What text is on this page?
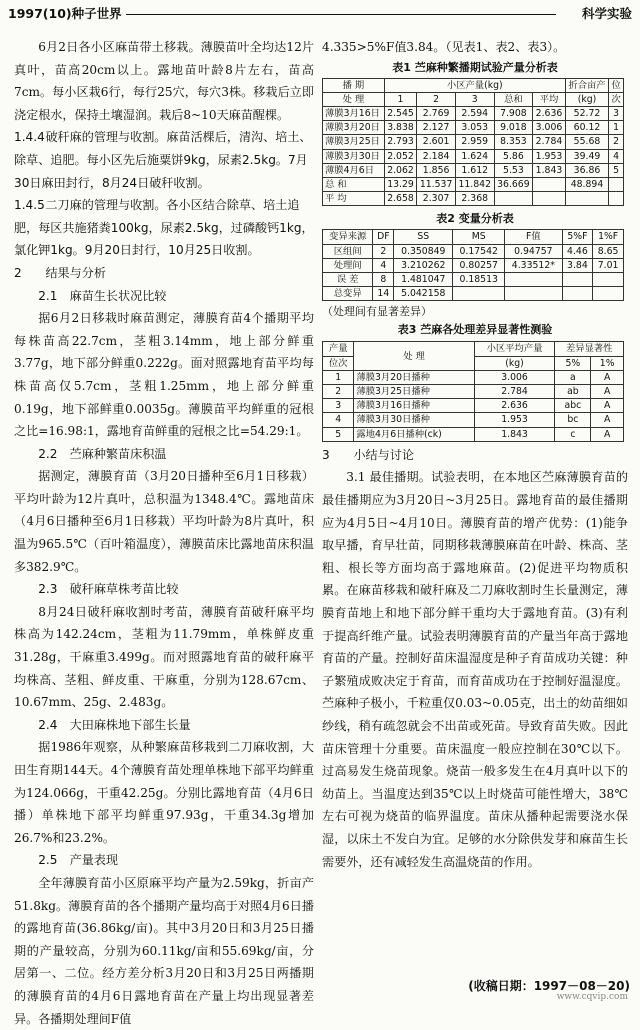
1997(10)种子世界	科学实验

6月2日各小区麻苗带土移栽。薄膜苗叶全均达12片真叶，苗高20cm以上。露地苗叶龄8片左右，苗高7cm。每小区栽6行，每行25穴，每穴3株。移栽后立即浇定根水，保持土壤湿润。栽后8~10天麻苗醒棵。

1.4.4破秆麻的管理与收割。麻苗活棵后，清沟、培土、除草、追肥。每小区先后施粟饼9kg，尿素2.5kg。7月30日麻田封行，8月24日破秆收割。
1.4.5二刀麻的管理与收割。各小区结合除草、培土追肥，每区共施猪粪100kg，尿素2.5kg，过磷酸钙1kg，氯化钾1kg。9月20日封行，10月25日收割。
2 结果与分析
2.1 麻苗生长状况比较

据6月2日移栽时麻苗测定，薄膜育苗4个播期平均每株苗高22.7cm，茎粗3.14mm，地上部分鲜重3.77g，地下部分鲜重0.222g。面对照露地育苗平均每株苗高仅5.7cm，茎粗1.25mm，地上部分鲜重0.19g，地下部鲜重0.0035g。薄膜苗平均鲜重的冠根之比=16.98:1，露地育苗鲜重的冠根之比=54.29:1。

2.2 苎麻种繁苗床积温

据测定，薄膜育苗（3月20日播种至6月1日移栽）平均叶龄为12片真叶，总积温为1348.4℃。露地苗床（4月6日播种至6月1日移栽）平均叶龄为8片真叶，积温为965.5℃（百叶箱温度），薄膜苗床比露地苗床积温多382.9℃。

2.3 破秆麻草株考苗比较

8月24日破秆麻收割时考苗，薄膜育苗破秆麻平均株高为142.24cm，茎粗为11.79mm，单株鲜皮重31.28g，干麻重3.499g。而对照露地育苗的破秆麻平均株高、茎粗、鲜皮重、干麻重，分别为128.67cm、10.67mm、25g、2.483g。

2.4 大田麻株地下部生长量

据1986年观察，从种繁麻苗移栽到二刀麻收割，大田生育期144天。4个薄膜育苗处理单株地下部平均鲜重为124.066g，干重42.25g。分别比露地育苗（4月6日播）单株地下部平均鲜重97.93g，干重34.3g增加26.7%和23.2%。

2.5 产量表现

全年薄膜育苗小区原麻平均产量为2.59kg，折亩产51.8kg。薄膜育苗的各个播期产量均高于对照4月6日播的露地育苗(36.86kg/亩)。其中3月20日和3月25日播期的产量较高，分别为60.11kg/亩和55.69kg/亩，分居第一、二位。经方差分析3月20日和3月25日两播期的薄膜育苗的4月6日露地育苗在产量上均出现显著差异。各播期处理间F值

4.335>5%F值3.84。（见表1、表2、表3）。

表1 苎麻种繁播期试验产量分析表
播 期	小区产量(kg)					折合亩产	位
处 理	1	2	3	总和	平均	(kg)	次
薄膜3月16日	2.545	2.769	2.594	7.908	2.636	52.72	3
薄膜3月20日	3.838	2.127	3.053	9.018	3.006	60.12	1
薄膜3月25日	2.793	2.601	2.959	8.353	2.784	55.68	2
薄膜3月30日	2.052	2.184	1.624	5.86	1.953	39.49	4
薄膜4月6日	2.062	1.856	1.612	5.53	1.843	36.86	5
总 和	13.29	11.537	11.842	36.669		48.894	
平 均	2.658	2.307	2.368				
表2 变量分析表
变异来源	DF	SS	MS	F值	5%F	1%F
区组间	2	0.350849	0.17542	0.94757	4.46	8.65
处理间	4	3.210262	0.80257	4.33512*	3.84	7.01
误 差	8	1.481047	0.18513			
总变异	14	5.042158				
（处理间有显著差异）
表3 苎麻各处理差异显著性测验
产量	处 理	小区平均产量	差异显著性	
位次		(kg)	5%	1%
1	薄膜3月20日播种	3.006	a	A
2	薄膜3月25日播种	2.784	ab	A
3	薄膜3月16日播种	2.636	abc	A
4	薄膜3月30日播种	1.953	bc	A
5	露地4月6日播种(ck)	1.843	c	A
3 小结与讨论

3.1 最佳播期。试验表明，在本地区苎麻薄膜育苗的最佳播期应为3月20日~3月25日。露地育苗的最佳播期应为4月5日~4月10日。薄膜育苗的增产优势：(1)能争取早播，育早壮苗，同期移栽薄膜麻苗在叶龄、株高、茎粗、根长等方面均高于露地麻苗。(2)促进平均物质积累。在麻苗移栽和破秆麻及二刀麻收割时生长量测定，薄膜育苗地上和地下部分鲜干重均大于露地育苗。(3)有利于提高纤维产量。试验表明薄膜育苗的产量当年高于露地育苗的产量。控制好苗床温湿度是种子育苗成功关键：种子繁殖成败决定于育苗，而育苗成功在于控制好温湿度。苎麻种子极小，千粒重仅0.03~0.05克，出土的幼苗细如纱线，稍有疏忽就会不出苗或死苗。导致育苗失败。因此苗床管理十分重要。苗床温度一般应控制在30℃以下。过高易发生烧苗现象。烧苗一般多发生在4月真叶以下的幼苗上。当温度达到35℃以上时烧苗可能性增大，38℃左右可视为烧苗的临界温度。苗床从播种起需要浇水保湿，以床土不发白为宜。足够的水分除供发芽和麻苗生长需要外，还有减轻发生高温烧苗的作用。

(收稿日期：1997－08－20)
www.cqvip.com
